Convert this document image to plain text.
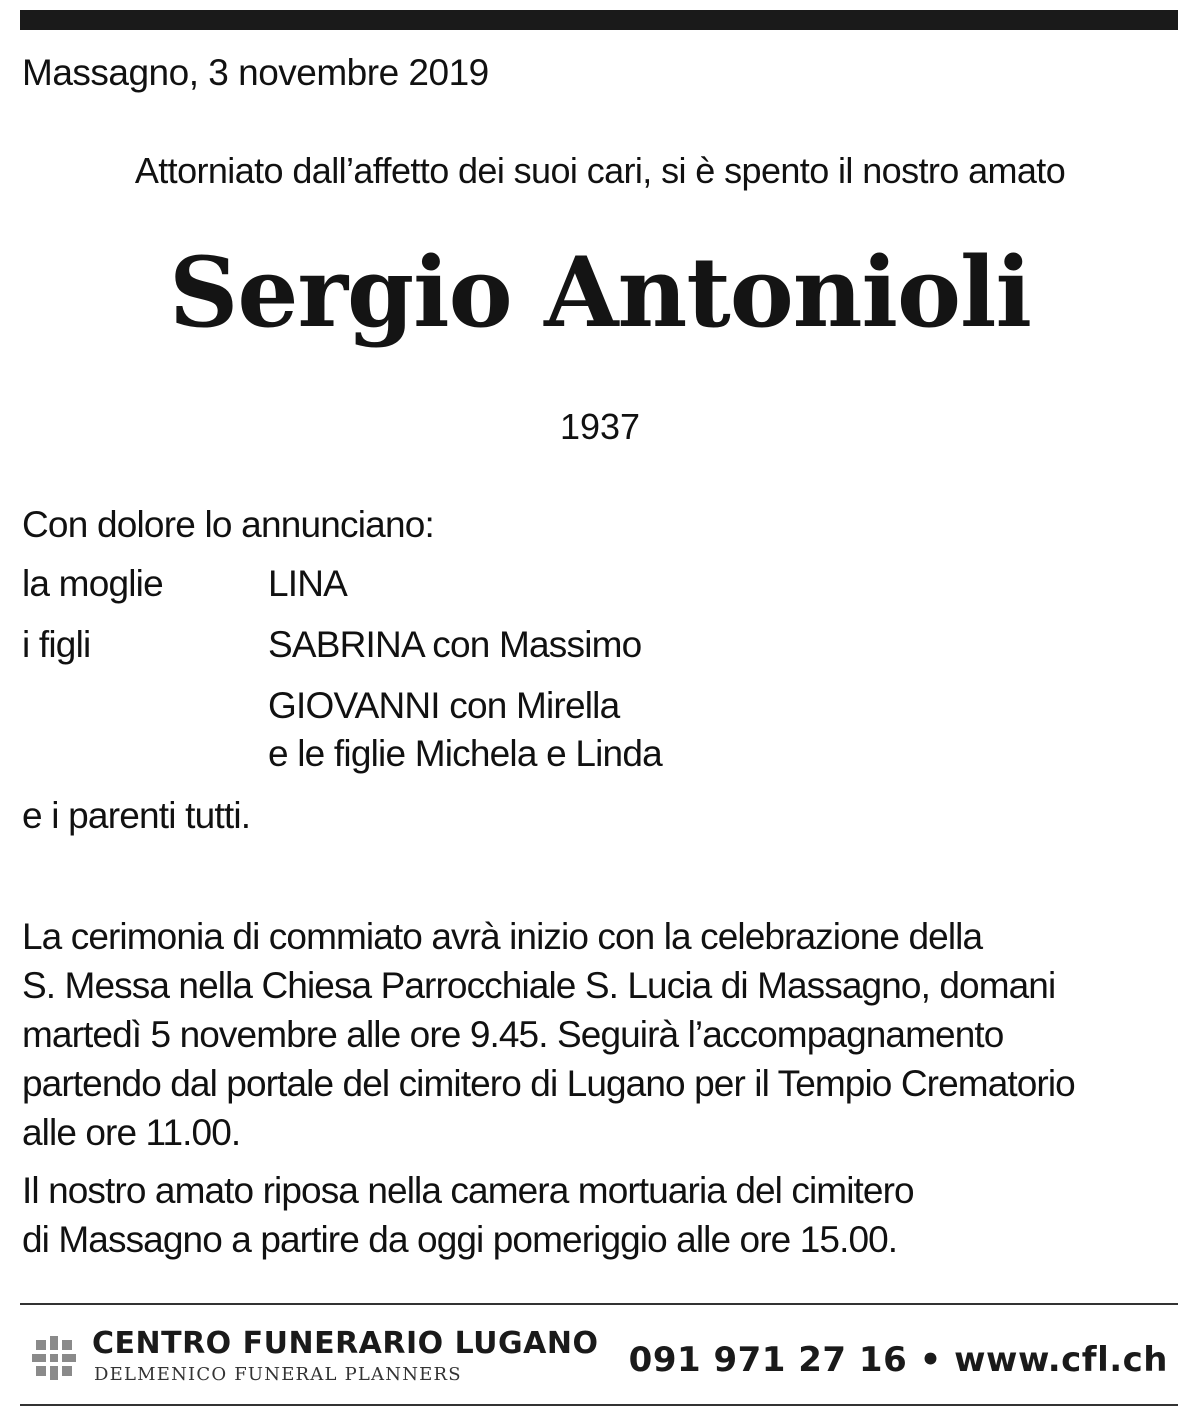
Massagno, 3 novembre 2019
Attorniato dall’affetto dei suoi cari, si è spento il nostro amato
Sergio Antonioli
1937
Con dolore lo annunciano:
la moglie	LINA
i figli	SABRINA con Massimo
GIOVANNI con Mirella
e le figlie Michela e Linda
e i parenti tutti.
La cerimonia di commiato avrà inizio con la celebrazione della
S. Messa nella Chiesa Parrocchiale S. Lucia di Massagno, domani
martedì 5 novembre alle ore 9.45. Seguirà l’accompagnamento
partendo dal portale del cimitero di Lugano per il Tempio Crematorio
alle ore 11.00.
Il nostro amato riposa nella camera mortuaria del cimitero
di Massagno a partire da oggi pomeriggio alle ore 15.00.
CENTRO FUNERARIO LUGANO
DELMENICO FUNERAL PLANNERS	091 971 27 16 • www.cfl.ch
